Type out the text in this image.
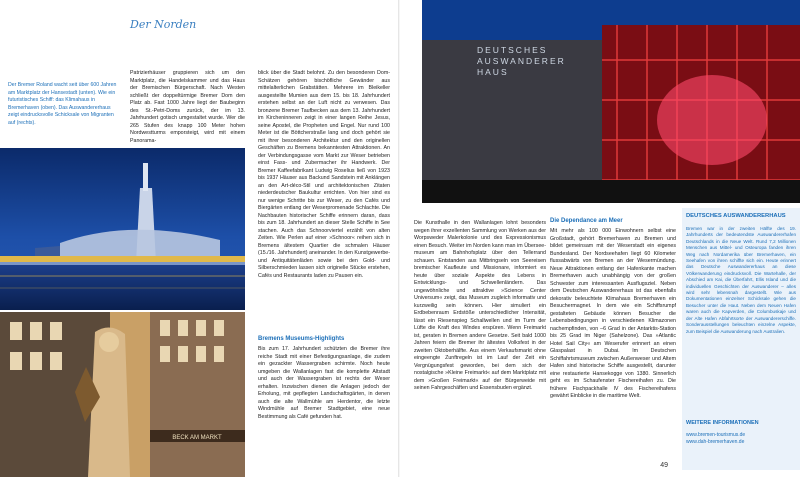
Der Norden
Der Bremer Roland wacht seit über 600 Jahren am Marktplatz der Hansestadt (unten). Wie ein futuristisches Schiff: das Klimahaus in Bremerhaven (oben). Das Auswandererhaus zeigt eindrucksvolle Schicksale von Migranten auf (rechts).
BECK AM MARKT
Patrizierhäuser gruppieren sich um den Marktplatz, die Handelskammer und das Haus der Bremischen Bürgerschaft. Nach Westen schließt der doppeltürmige Bremer Dom den Platz ab. Fast 1000 Jahre liegt der Baubeginn des St.-Petri-Doms zurück, der im 13. Jahrhundert gotisch umgestaltet wurde. Wer die 265 Stufen des knapp 100 Meter hohen Nordwestturms emporsteigt, wird mit einem Panorama-
blick über die Stadt belohnt. Zu den besonderen Dom-Schätzen gehören bischöfliche Gewänder aus mittelalterlichen Grabstätten. Mehrere im Bleikeller ausgestellte Mumien aus dem 15. bis 18. Jahrhundert erstehen selbst an der Luft nicht zu verwesen. Das bronzene Bremer Taufbecken aus dem 13. Jahrhundert im Kircheninneren zeigt in einer langen Reihe Jesus, seine Apostel, die Propheten und Engel. Nur rund 100 Meter ist die Böttcherstraße lang und doch gehört sie mit ihrer besonderen Architektur und den originellen Geschäften zu Bremens bekanntesten Attraktionen. An der Verbindungsgasse vom Markt zur Weser betrieben einst Fass- und Zubermacher ihr Handwerk. Der Bremer Kaffeefabrikant Ludwig Roselius ließ von 1923 bis 1937 Häuser aus Backund Sandstein mit Anklängen an den Art-déco-Stil und architektonischen Zitaten niederdeutscher Baukultur errichten. Von hier sind es nur wenige Schritte bis zur Weser, zu den Cafés und Biergärten entlang der Weserpromenade Schlachte. Die Nachbauten historischer Schiffe erinnern daran, dass bis zum 18. Jahrhundert an dieser Stelle Schiffe in See stachen. Auch das Schnoorviertel erzählt von alten Zeiten. Wie Perlen auf einer »Schnoor« reihen sich in Bremens ältestem Quartier die schmalen Häuser (15./16. Jahrhundert) aneinander. In den Kunstgewerbe- und Antiquitätenläden sowie bei den Gold- und Silberschmieden lassen sich originelle Stücke erstehen, Cafés und Restaurants laden zu Pausen ein.
Bremens Museums-Highlights
Bis zum 17. Jahrhundert schützten die Bremer ihre reiche Stadt mit einer Befestigungsanlage, die zudem ein gezackter Wassergraben schirmte. Noch heute umgeben die Wallanlagen fast die komplette Altstadt und auch der Wassergraben ist rechts der Weser erhalten. Inzwischen dienen die Anlagen jedoch der Erholung, mit gepflegten Landschaftsgärten, in denen auch die alte Wallmühle am Herdentor, die letzte Windmühle auf Bremer Stadtgebiet, eine neue Bestimmung als Café gefunden hat.
DEUTSCHES
AUSWANDERER
HAUS
Die Kunsthalle in den Wallanlagen lohnt besonders wegen ihrer exzellenten Sammlung von Werken aus der Worpsweder Malerkolonie und des Expressionismus einen Besuch. Weiter im Norden kann man im Übersee-museum am Bahnhofsplatz über den Tellerrand schauen. Entstanden aus Mitbringseln von Seereisen bremischer Kaufleute und Missionare, informiert es heute über soziale Aspekte des Lebens in Entwicklungs- und Schwellenländern. Das ungewöhnliche und attraktive »Science Center Universum« zeigt, das Museum zugleich informativ und kurzweilig sein können. Hier simuliert ein Erdbebenraum Erdstöße unterschiedlicher Intensität, lässt ein Riesenspieg Schallwellen und im Turm der Lüfte die Kraft des Windes erspüren. Wenn Freimarkt ist, geraten in Bremen andere Gesetze. Seit bald 1000 Jahren feiern die Bremer ihr ältestes Volksfest in der zweiten Oktoberhälfte. Aus einem Verkaufsmarkt ohne eingeengte Zunftregeln ist im Lauf der Zeit ein Vergnügungsfest geworden, bei dem sich der nostalgische »Kleine Freimarkt« auf dem Marktplatz mit dem »Großen Freimarkt« auf der Bürgerweide mit seinen Fahrgeschäften und Essensbuden ergänzt.
Die Dependance am Meer
Mit mehr als 100 000 Einwohnern selbst eine Großstadt, gehört Bremerhaven zu Bremen und bildet gemeinsam mit der Weserstadt ein eigenes Bundesland. Der Nordseehafen liegt 60 Kilometer flussabwärts von Bremen an der Wesermündung. Neue Attraktionen entlang der Hafenkante machen Bremerhaven auch unabhängig von der großen Schwester zum interessanten Ausflugsziel. Neben dem Deutschen Auswandererhaus ist das ebenfalls dekorativ beleuchtete Klimahaus Bremerhaven ein Besuchermagnet. In dem wie ein Schiffsrumpf gestalteten Gebäude können Besucher die Lebensbedingungen in verschiedenen Klimazonen nachempfinden, von –6 Grad in der Antarktis-Station bis 25 Grad im Niger (Sahelzone). Das »Atlantic Hotel Sail City« am Weserufer erinnert an einen Glaspalast in Dubai. Im Deutschen Schiffahrtsmuseum zwischen Außenweser und Altem Hafen sind historische Schiffe ausgestellt, darunter eine restaurierte Hansekogge von 1380. Sinnerlich geht es im Schaufenster Fischereihafen zu. Die frühere Fischpackhalle IV des Fischereihafens gewährt Einblicke in die maritime Welt.
DEUTSCHES AUSWANDERERHAUS
Bremen war in der zweiten Hälfte des 19. Jahrhunderts der bedeutendste Auswandererhafen Deutschlands in die Neue Welt. Rund 7,2 Millionen Menschen aus Mittel- und Osteuropa fanden ihren Weg nach Nordamerika über Bremerhaven, ein Seehafen von ihren schiffte sich ein. Heute erinnert das Deutsche Auswandererhaus an diese Völkerwanderung eindrucksvoll. Die Wartehalle, der Abschied am Kai, die Überfahrt, Ellis Island und die individuellen Geschichten der Auswanderer – alles wird sehr lebensnah dargestellt. Wie aus Dokumentationen einzelner Schicksale gehen die Besucher unter die Haut. Neben dem Neuen Hafen waren auch die Kapverden, die Columbuskaje und der Alte Hafen Abfahrtsorte der Auswandererschiffe. Sonderausstellungen beleuchten einzelne Aspekte, zum Beispiel die Auswanderung nach Australien.
WEITERE INFORMATIONEN
www.bremen-tourismus.de
www.dah-bremerhaven.de
49
